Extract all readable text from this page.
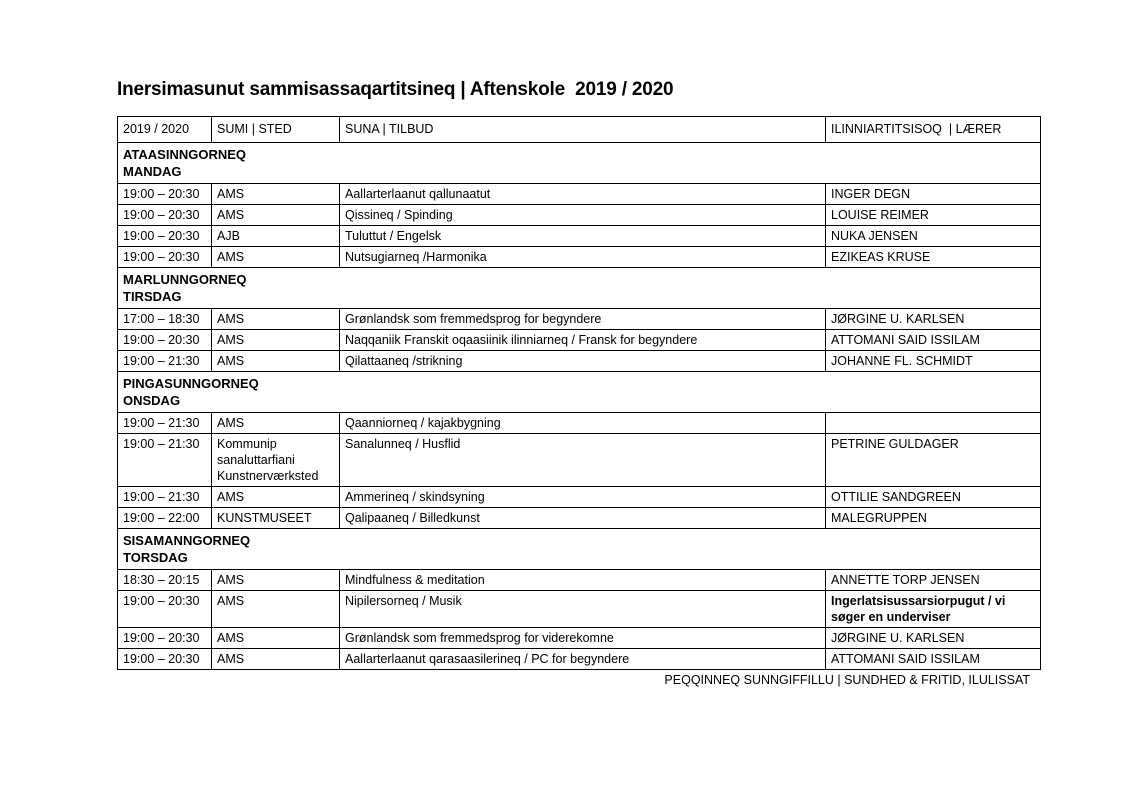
Inersimasunut sammisassaqartitsineq | Aftenskole  2019 / 2020
2019 / 2020	SUMI | STED	SUNA | TILBUD	ILINNIARTITSISOQ  | LÆRER

ATAASINNGORNEQ
MANDAG			

19:00 – 20:30	AMS	Aallarterlaanut qallunaatut	INGER DEGN
19:00 – 20:30	AMS	Qissineq / Spinding	LOUISE REIMER
19:00 – 20:30	AJB	Tuluttut / Engelsk	NUKA JENSEN
19:00 – 20:30	AMS	Nutsugiarneq /Harmonika	EZIKEAS KRUSE

MARLUNNGORNEQ
TIRSDAG			

17:00 – 18:30	AMS	Grønlandsk som fremmedsprog for begyndere	JØRGINE U. KARLSEN
19:00 – 20:30	AMS	Naqqaniik Franskit oqaasiinik ilinniarneq / Fransk for begyndere	ATTOMANI SAID ISSILAM
19:00 – 21:30	AMS	Qilattaaneq /strikning	JOHANNE FL. SCHMIDT

PINGASUNNGORNEQ
ONSDAG			

19:00 – 21:30	AMS	Qaanniorneq / kajakbygning	
19:00 – 21:30	Kommunip sanaluttarfiani Kunstnerværksted	Sanalunneq / Husflid	PETRINE GULDAGER
19:00 – 21:30	AMS	Ammerineq / skindsyning	OTTILIE SANDGREEN
19:00 – 22:00	KUNSTMUSEET	Qalipaaneq / Billedkunst	MALEGRUPPEN

SISAMANNGORNEQ
TORSDAG			

18:30 – 20:15	AMS	Mindfulness & meditation	ANNETTE TORP JENSEN
19:00 – 20:30	AMS	Nipilersorneq / Musik	Ingerlatsisussarsiorpugut / vi søger en underviser
19:00 – 20:30	AMS	Grønlandsk som fremmedsprog for viderekomne	JØRGINE U. KARLSEN
19:00 – 20:30	AMS	Aallarterlaanut qarasaasilerineq / PC for begyndere	ATTOMANI SAID ISSILAM
PEQQINNEQ SUNNGIFFILLU | SUNDHED & FRITID, ILULISSAT
